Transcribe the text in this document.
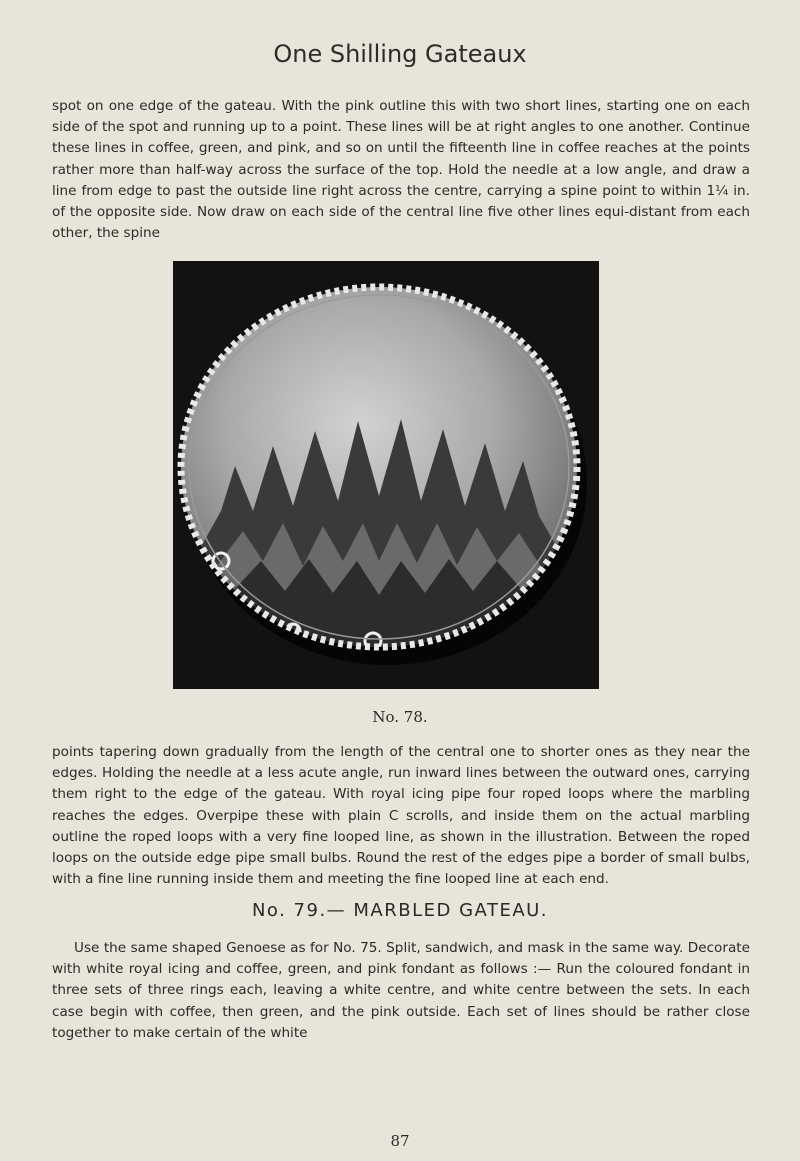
One Shilling Gateaux

spot on one edge of the gateau. With the pink outline this with two short lines, starting one on each side of the spot and running up to a point. These lines will be at right angles to one another. Continue these lines in coffee, green, and pink, and so on until the fifteenth line in coffee reaches at the points rather more than half-way across the surface of the top. Hold the needle at a low angle, and draw a line from edge to past the outside line right across the centre, carrying a spine point to within 1¼ in. of the opposite side. Now draw on each side of the central line five other lines equi-distant from each other, the spine

No. 78.

points tapering down gradually from the length of the central one to shorter ones as they near the edges. Holding the needle at a less acute angle, run inward lines between the outward ones, carrying them right to the edge of the gateau. With royal icing pipe four roped loops where the marbling reaches the edges. Overpipe these with plain C scrolls, and inside them on the actual marbling outline the roped loops with a very fine looped line, as shown in the illustration. Between the roped loops on the outside edge pipe small bulbs. Round the rest of the edges pipe a border of small bulbs, with a fine line running inside them and meeting the fine looped line at each end.

No. 79.— MARBLED GATEAU.

Use the same shaped Genoese as for No. 75. Split, sandwich, and mask in the same way. Decorate with white royal icing and coffee, green, and pink fondant as follows :— Run the coloured fondant in three sets of three rings each, leaving a white centre, and white centre between the sets. In each case begin with coffee, then green, and the pink outside. Each set of lines should be rather close together to make certain of the white

87
